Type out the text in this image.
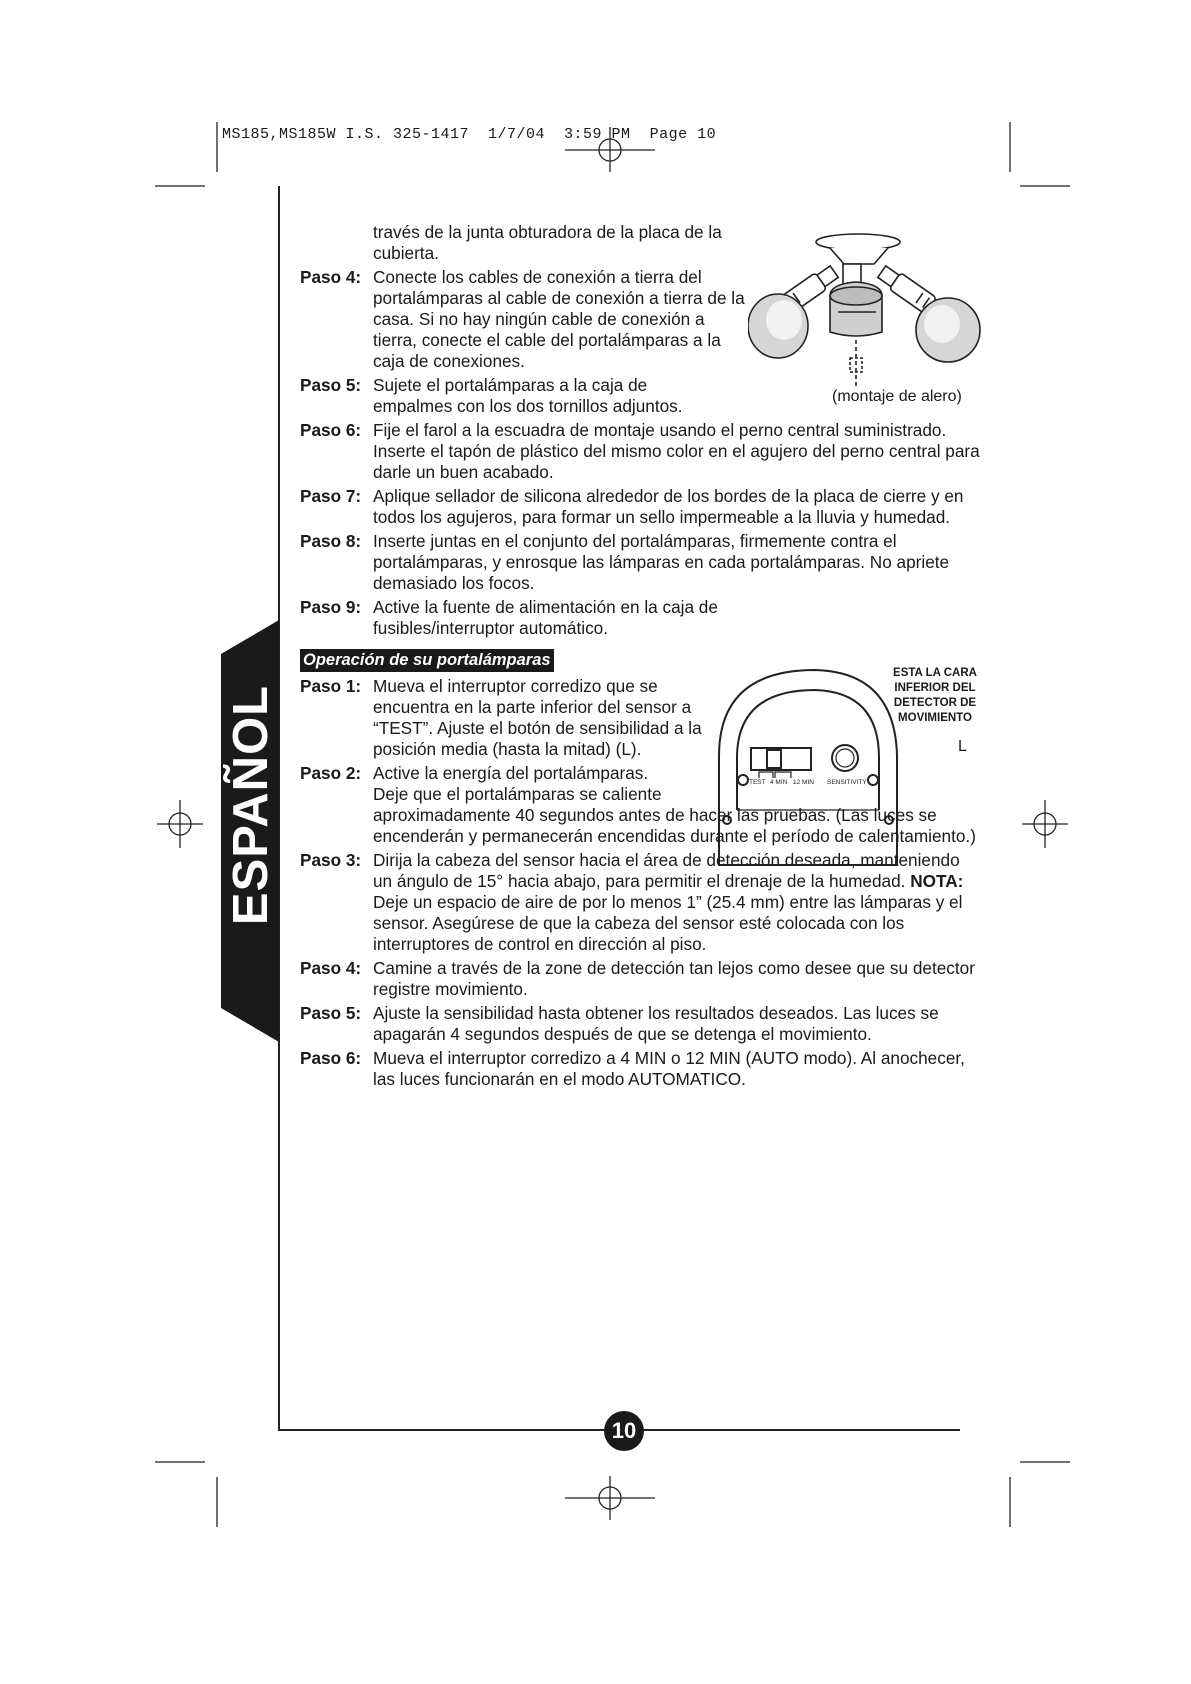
MS185,MS185W I.S. 325-1417  1/7/04  3:59 PM  Page 10
10
ESPAÑOL
(montaje de alero)
TEST 4 MIN 12 MIN SENSITIVITY
ESTA LA CARA INFERIOR DEL DETECTOR DE MOVIMIENTO
L
través de la junta obturadora de la placa de la cubierta.
Paso 4: Conecte los cables de conexión a tierra del portalámparas al cable de conexión a tierra de la casa. Si no hay ningún cable de conexión a tierra, conecte el cable del portalámparas a la caja de conexiones.
Paso 5: Sujete el portalámparas a la caja de empalmes con los dos tornillos adjuntos.
Paso 6: Fije el farol a la escuadra de montaje usando el perno central suministrado. Inserte el tapón de plástico del mismo color en el agujero del perno central para darle un buen acabado.
Paso 7: Aplique sellador de silicona alrededor de los bordes de la placa de cierre y en todos los agujeros, para formar un sello impermeable a la lluvia y humedad.
Paso 8: Inserte juntas en el conjunto del portalámparas, firmemente contra el portalámparas, y enrosque las lámparas en cada portalámparas. No apriete demasiado los focos.
Paso 9: Active la fuente de alimentación en la caja de fusibles/interruptor automático.
Operación de su portalámparas
Paso 1: Mueva el interruptor corredizo que se encuentra en la parte inferior del sensor a “TEST”. Ajuste el botón de sensibilidad a la posición media (hasta la mitad) (L).
Paso 2: Active la energía del portalámparas. Deje que el portalámparas se caliente
aproximadamente 40 segundos antes de hacer las pruebas. (Las luces se encenderán y permanecerán encendidas durante el período de calentamiento.)
Paso 3: Dirija la cabeza del sensor hacia el área de detección deseada, manteniendo un ángulo de 15° hacia abajo, para permitir el drenaje de la humedad. NOTA: Deje un espacio de aire de por lo menos 1” (25.4 mm) entre las lámparas y el sensor. Asegúrese de que la cabeza del sensor esté colocada con los interruptores de control en dirección al piso.
Paso 4: Camine a través de la zone de detección tan lejos como desee que su detector registre movimiento.
Paso 5: Ajuste la sensibilidad hasta obtener los resultados deseados. Las luces se apagarán 4 segundos después de que se detenga el movimiento.
Paso 6: Mueva el interruptor corredizo a 4 MIN o 12 MIN (AUTO modo). Al anochecer, las luces funcionarán en el modo AUTOMATICO.
